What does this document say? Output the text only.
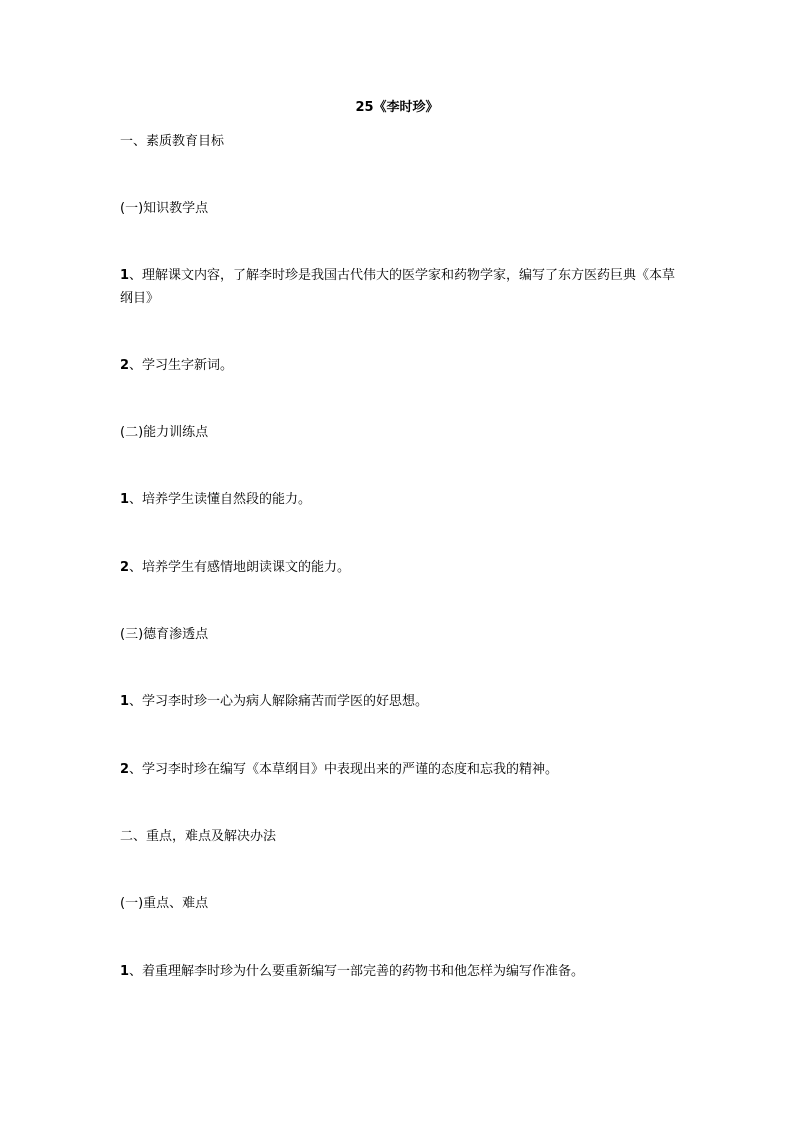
25《李时珍》
一、素质教育目标
(一)知识教学点
1、理解课文内容，了解李时珍是我国古代伟大的医学家和药物学家，编写了东方医药巨典《本草纲目》
2、学习生字新词。
(二)能力训练点
1、培养学生读懂自然段的能力。
2、培养学生有感情地朗读课文的能力。
(三)德育渗透点
1、学习李时珍一心为病人解除痛苦而学医的好思想。
2、学习李时珍在编写《本草纲目》中表现出来的严谨的态度和忘我的精神。
二、重点，难点及解决办法
(一)重点、难点
1、着重理解李时珍为什么要重新编写一部完善的药物书和他怎样为编写作准备。
